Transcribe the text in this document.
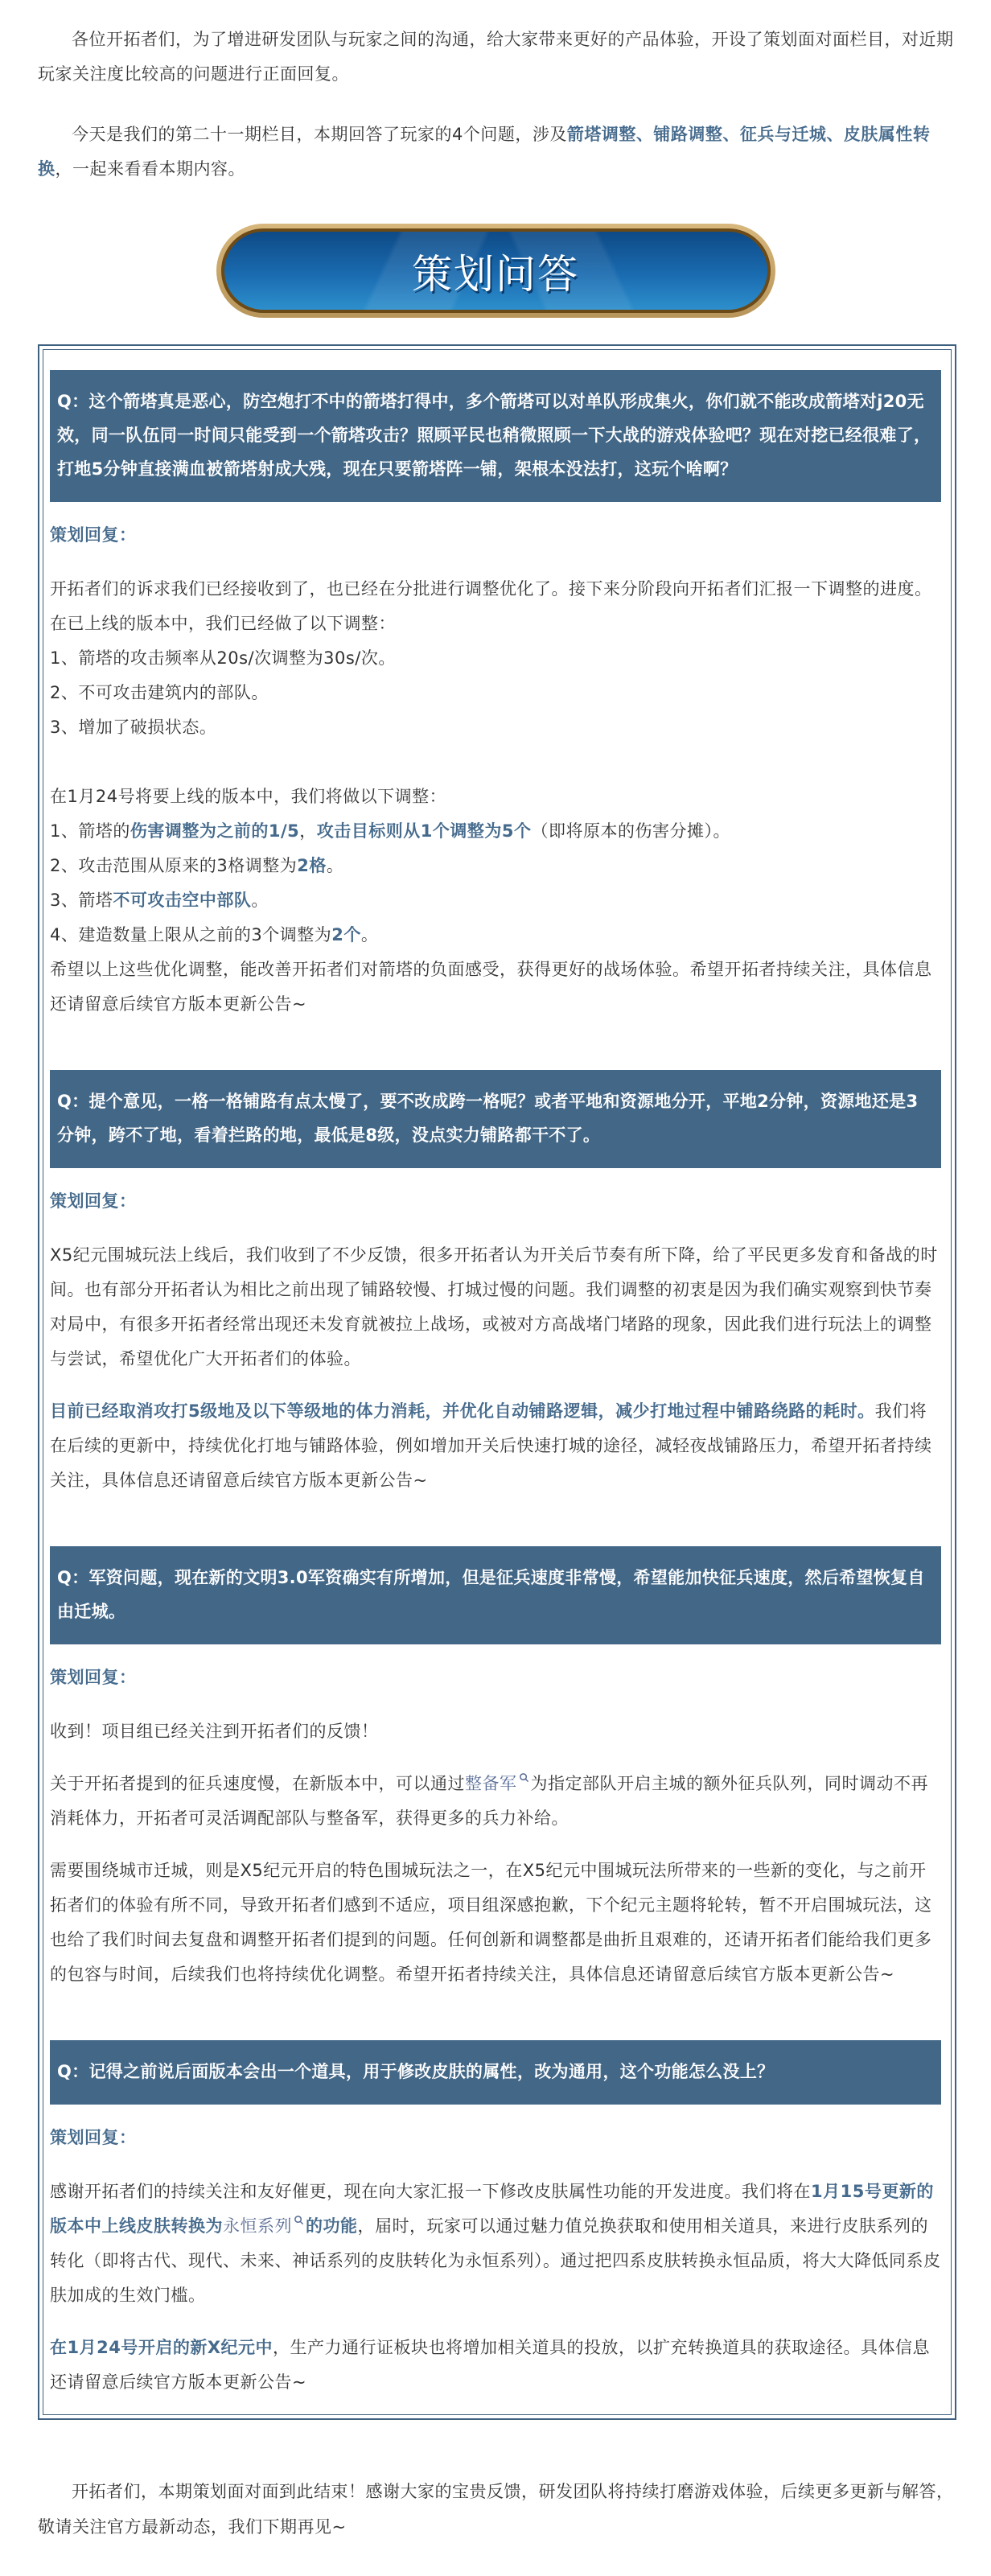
各位开拓者们，为了增进研发团队与玩家之间的沟通，给大家带来更好的产品体验，开设了策划面对面栏目，对近期玩家关注度比较高的问题进行正面回复。

今天是我们的第二十一期栏目，本期回答了玩家的4个问题，涉及箭塔调整、铺路调整、征兵与迁城、皮肤属性转换，一起来看看本期内容。

策划问答

Q：这个箭塔真是恶心，防空炮打不中的箭塔打得中，多个箭塔可以对单队形成集火，你们就不能改成箭塔对j20无效，同一队伍同一时间只能受到一个箭塔攻击？照顾平民也稍微照顾一下大战的游戏体验吧？现在对挖已经很难了，打地5分钟直接满血被箭塔射成大残，现在只要箭塔阵一铺，架根本没法打，这玩个啥啊？

策划回复：

开拓者们的诉求我们已经接收到了，也已经在分批进行调整优化了。接下来分阶段向开拓者们汇报一下调整的进度。在已上线的版本中，我们已经做了以下调整：

1、箭塔的攻击频率从20s/次调整为30s/次。

2、不可攻击建筑内的部队。

3、增加了破损状态。

在1月24号将要上线的版本中，我们将做以下调整：

1、箭塔的伤害调整为之前的1/5，攻击目标则从1个调整为5个（即将原本的伤害分摊）。

2、攻击范围从原来的3格调整为2格。

3、箭塔不可攻击空中部队。

4、建造数量上限从之前的3个调整为2个。

希望以上这些优化调整，能改善开拓者们对箭塔的负面感受，获得更好的战场体验。希望开拓者持续关注，具体信息还请留意后续官方版本更新公告~

Q：提个意见，一格一格铺路有点太慢了，要不改成跨一格呢？或者平地和资源地分开，平地2分钟，资源地还是3分钟，跨不了地，看着拦路的地，最低是8级，没点实力铺路都干不了。

策划回复：

X5纪元围城玩法上线后，我们收到了不少反馈，很多开拓者认为开关后节奏有所下降，给了平民更多发育和备战的时间。也有部分开拓者认为相比之前出现了铺路较慢、打城过慢的问题。我们调整的初衷是因为我们确实观察到快节奏对局中，有很多开拓者经常出现还未发育就被拉上战场，或被对方高战堵门堵路的现象，因此我们进行玩法上的调整与尝试，希望优化广大开拓者们的体验。

目前已经取消攻打5级地及以下等级地的体力消耗，并优化自动铺路逻辑，减少打地过程中铺路绕路的耗时。我们将在后续的更新中，持续优化打地与铺路体验，例如增加开关后快速打城的途径，减轻夜战铺路压力，希望开拓者持续关注，具体信息还请留意后续官方版本更新公告~

Q：军资问题，现在新的文明3.0军资确实有所增加，但是征兵速度非常慢，希望能加快征兵速度，然后希望恢复自由迁城。

策划回复：

收到！项目组已经关注到开拓者们的反馈！

关于开拓者提到的征兵速度慢，在新版本中，可以通过整备军 为指定部队开启主城的额外征兵队列，同时调动不再消耗体力，开拓者可灵活调配部队与整备军，获得更多的兵力补给。

需要围绕城市迁城，则是X5纪元开启的特色围城玩法之一，在X5纪元中围城玩法所带来的一些新的变化，与之前开拓者们的体验有所不同，导致开拓者们感到不适应，项目组深感抱歉，下个纪元主题将轮转，暂不开启围城玩法，这也给了我们时间去复盘和调整开拓者们提到的问题。任何创新和调整都是曲折且艰难的，还请开拓者们能给我们更多的包容与时间，后续我们也将持续优化调整。希望开拓者持续关注，具体信息还请留意后续官方版本更新公告~

Q：记得之前说后面版本会出一个道具，用于修改皮肤的属性，改为通用，这个功能怎么没上？

策划回复：

感谢开拓者们的持续关注和友好催更，现在向大家汇报一下修改皮肤属性功能的开发进度。我们将在1月15号更新的版本中上线皮肤转换为永恒系列 的功能，届时，玩家可以通过魅力值兑换获取和使用相关道具，来进行皮肤系列的转化（即将古代、现代、未来、神话系列的皮肤转化为永恒系列）。通过把四系皮肤转换永恒品质，将大大降低同系皮肤加成的生效门槛。

在1月24号开启的新X纪元中，生产力通行证板块也将增加相关道具的投放，以扩充转换道具的获取途径。具体信息还请留意后续官方版本更新公告~

开拓者们，本期策划面对面到此结束！感谢大家的宝贵反馈，研发团队将持续打磨游戏体验，后续更多更新与解答，敬请关注官方最新动态，我们下期再见~
